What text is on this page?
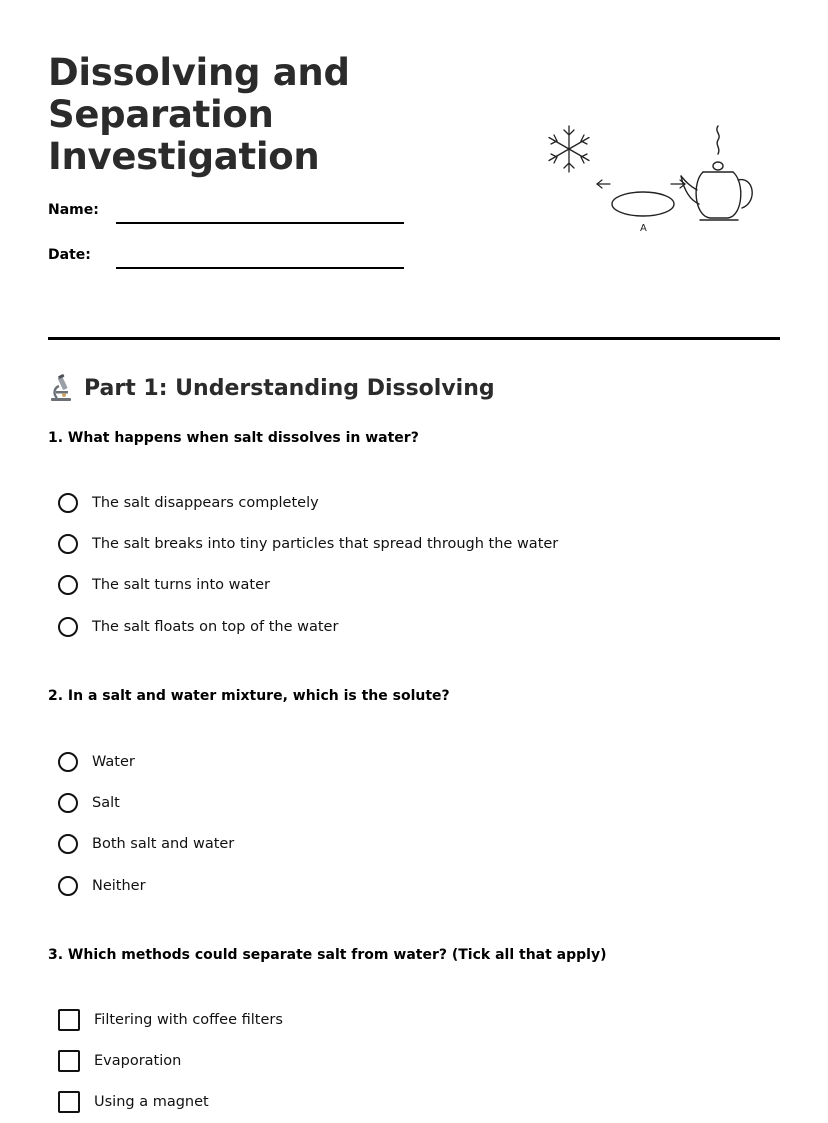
Dissolving and
Separation
Investigation
Name:
Date:
A
Part 1: Understanding Dissolving
1. What happens when salt dissolves in water?
The salt disappears completely
The salt breaks into tiny particles that spread through the water
The salt turns into water
The salt floats on top of the water
2. In a salt and water mixture, which is the solute?
Water
Salt
Both salt and water
Neither
3. Which methods could separate salt from water? (Tick all that apply)
Filtering with coffee filters
Evaporation
Using a magnet
